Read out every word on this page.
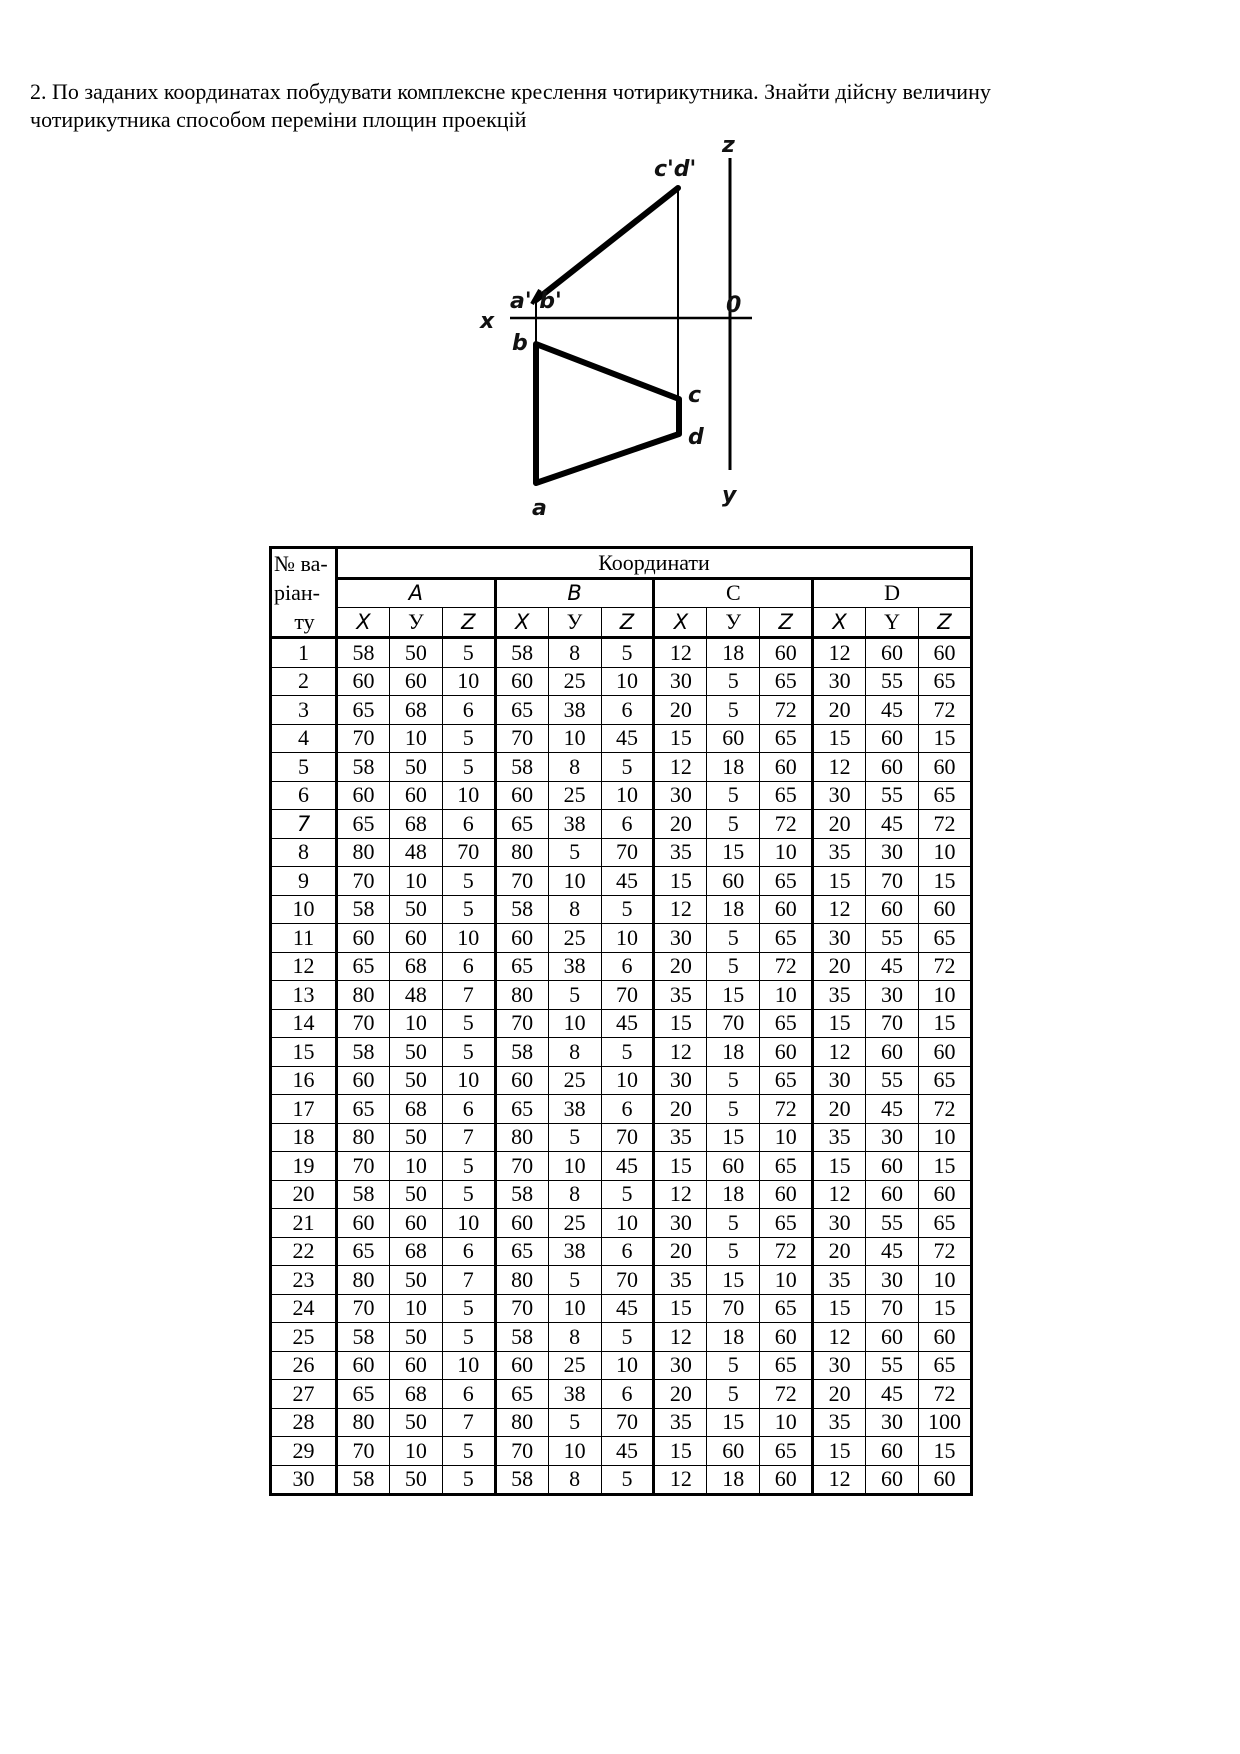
2. По заданих координатах побудувати комплексне креслення чотирикутника. Знайти дійсну величину

чотирикутника способом переміни площин проекцій

z
c'd'
a' b'	0
x
b
c
d
y
a
№ ва-
ріан-
ту	Координати											
	A			B			C			D		
	X	У	Z	X	У	Z	X	У	Z	X	Y	Z
1	58	50	5	58	8	5	12	18	60	12	60	60
2	60	60	10	60	25	10	30	5	65	30	55	65
3	65	68	6	65	38	6	20	5	72	20	45	72
4	70	10	5	70	10	45	15	60	65	15	60	15
5	58	50	5	58	8	5	12	18	60	12	60	60
6	60	60	10	60	25	10	30	5	65	30	55	65
7	65	68	6	65	38	6	20	5	72	20	45	72
8	80	48	70	80	5	70	35	15	10	35	30	10
9	70	10	5	70	10	45	15	60	65	15	70	15
10	58	50	5	58	8	5	12	18	60	12	60	60
11	60	60	10	60	25	10	30	5	65	30	55	65
12	65	68	6	65	38	6	20	5	72	20	45	72
13	80	48	7	80	5	70	35	15	10	35	30	10
14	70	10	5	70	10	45	15	70	65	15	70	15
15	58	50	5	58	8	5	12	18	60	12	60	60
16	60	50	10	60	25	10	30	5	65	30	55	65
17	65	68	6	65	38	6	20	5	72	20	45	72
18	80	50	7	80	5	70	35	15	10	35	30	10
19	70	10	5	70	10	45	15	60	65	15	60	15
20	58	50	5	58	8	5	12	18	60	12	60	60
21	60	60	10	60	25	10	30	5	65	30	55	65
22	65	68	6	65	38	6	20	5	72	20	45	72
23	80	50	7	80	5	70	35	15	10	35	30	10
24	70	10	5	70	10	45	15	70	65	15	70	15
25	58	50	5	58	8	5	12	18	60	12	60	60
26	60	60	10	60	25	10	30	5	65	30	55	65
27	65	68	6	65	38	6	20	5	72	20	45	72
28	80	50	7	80	5	70	35	15	10	35	30	100
29	70	10	5	70	10	45	15	60	65	15	60	15
30	58	50	5	58	8	5	12	18	60	12	60	60
